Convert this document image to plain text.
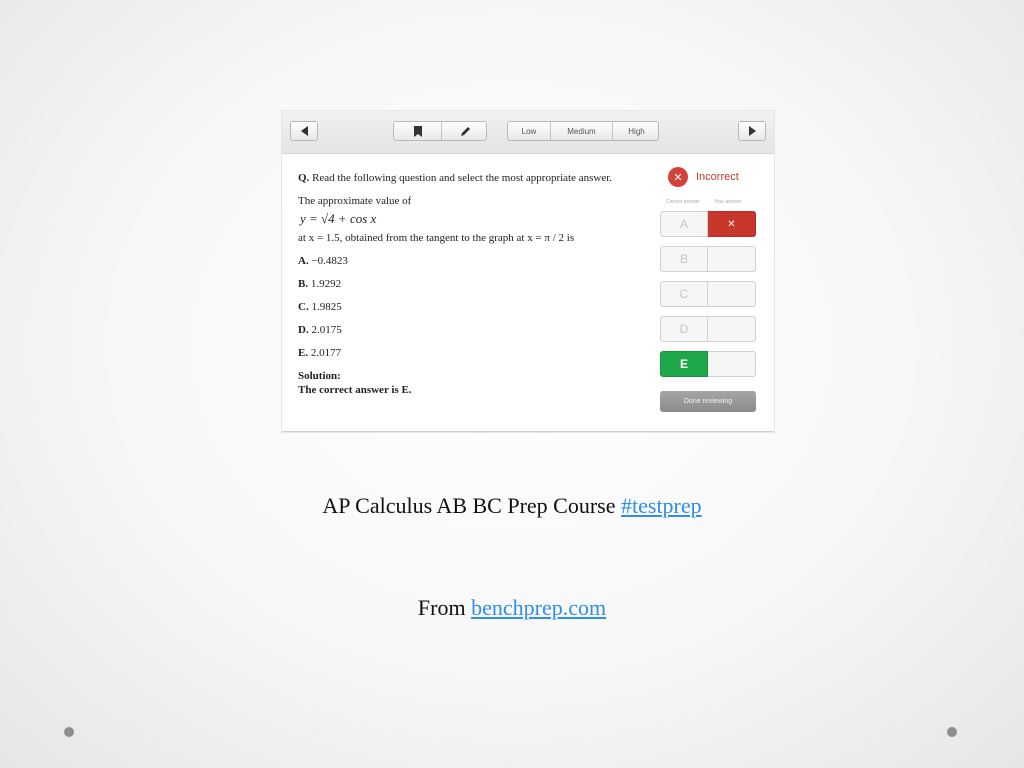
Low	Medium	High
Q. Read the following question and select the most appropriate answer.
The approximate value of
y = √4 + cos x
at x = 1.5, obtained from the tangent to the graph at x = π / 2 is
A. −0.4823
B. 1.9292
C. 1.9825
D. 2.0175
E. 2.0177
Solution:
The correct answer is E.
✕	Incorrect
Correct answer	Your answer
A	✕
B
C
D
E
Done reviewing
AP Calculus AB BC Prep Course #testprep
From benchprep.com
